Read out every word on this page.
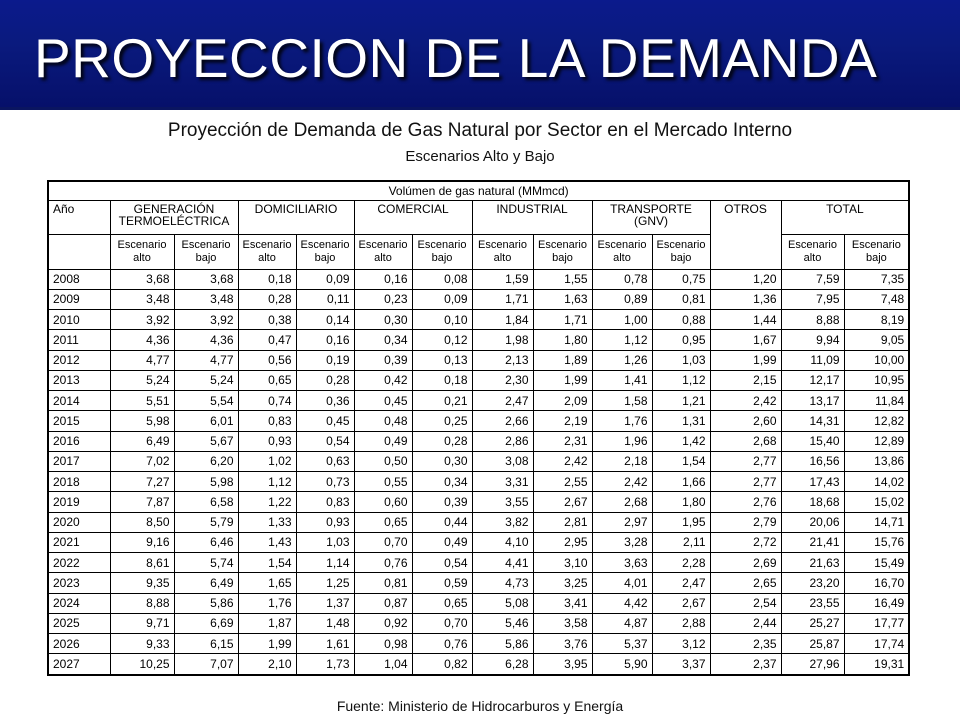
PROYECCION DE LA DEMANDA
Proyección de Demanda de Gas Natural por Sector en el Mercado Interno
Escenarios Alto y Bajo
Volúmen de gas natural (MMmcd)													
Año	GENERACIÓN TERMOELÉCTRICA		DOMICILIARIO		COMERCIAL		INDUSTRIAL		TRANSPORTE (GNV)		OTROS	TOTAL	
	Escenario alto	Escenario bajo	Escenario alto	Escenario bajo	Escenario alto	Escenario bajo	Escenario alto	Escenario bajo	Escenario alto	Escenario bajo		Escenario alto	Escenario bajo
2008	3,68	3,68	0,18	0,09	0,16	0,08	1,59	1,55	0,78	0,75	1,20	7,59	7,35
2009	3,48	3,48	0,28	0,11	0,23	0,09	1,71	1,63	0,89	0,81	1,36	7,95	7,48
2010	3,92	3,92	0,38	0,14	0,30	0,10	1,84	1,71	1,00	0,88	1,44	8,88	8,19
2011	4,36	4,36	0,47	0,16	0,34	0,12	1,98	1,80	1,12	0,95	1,67	9,94	9,05
2012	4,77	4,77	0,56	0,19	0,39	0,13	2,13	1,89	1,26	1,03	1,99	11,09	10,00
2013	5,24	5,24	0,65	0,28	0,42	0,18	2,30	1,99	1,41	1,12	2,15	12,17	10,95
2014	5,51	5,54	0,74	0,36	0,45	0,21	2,47	2,09	1,58	1,21	2,42	13,17	11,84
2015	5,98	6,01	0,83	0,45	0,48	0,25	2,66	2,19	1,76	1,31	2,60	14,31	12,82
2016	6,49	5,67	0,93	0,54	0,49	0,28	2,86	2,31	1,96	1,42	2,68	15,40	12,89
2017	7,02	6,20	1,02	0,63	0,50	0,30	3,08	2,42	2,18	1,54	2,77	16,56	13,86
2018	7,27	5,98	1,12	0,73	0,55	0,34	3,31	2,55	2,42	1,66	2,77	17,43	14,02
2019	7,87	6,58	1,22	0,83	0,60	0,39	3,55	2,67	2,68	1,80	2,76	18,68	15,02
2020	8,50	5,79	1,33	0,93	0,65	0,44	3,82	2,81	2,97	1,95	2,79	20,06	14,71
2021	9,16	6,46	1,43	1,03	0,70	0,49	4,10	2,95	3,28	2,11	2,72	21,41	15,76
2022	8,61	5,74	1,54	1,14	0,76	0,54	4,41	3,10	3,63	2,28	2,69	21,63	15,49
2023	9,35	6,49	1,65	1,25	0,81	0,59	4,73	3,25	4,01	2,47	2,65	23,20	16,70
2024	8,88	5,86	1,76	1,37	0,87	0,65	5,08	3,41	4,42	2,67	2,54	23,55	16,49
2025	9,71	6,69	1,87	1,48	0,92	0,70	5,46	3,58	4,87	2,88	2,44	25,27	17,77
2026	9,33	6,15	1,99	1,61	0,98	0,76	5,86	3,76	5,37	3,12	2,35	25,87	17,74
2027	10,25	7,07	2,10	1,73	1,04	0,82	6,28	3,95	5,90	3,37	2,37	27,96	19,31
Fuente: Ministerio de Hidrocarburos y Energía
